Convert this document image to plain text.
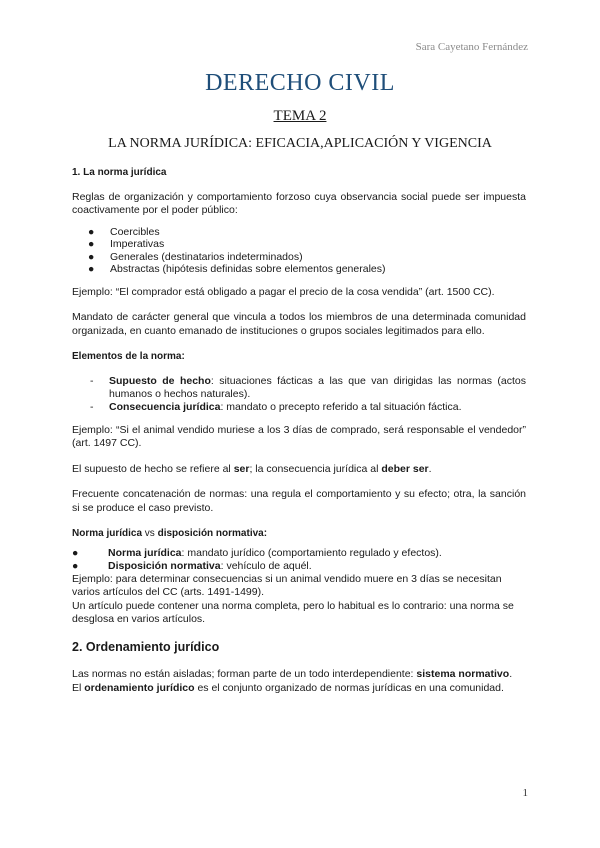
Sara Cayetano Fernández
DERECHO CIVIL
TEMA 2
LA NORMA JURÍDICA: EFICACIA,APLICACIÓN Y VIGENCIA

1. La norma jurídica

Reglas de organización y comportamiento forzoso cuya observancia social puede ser impuesta coactivamente por el poder público:

● Coercibles
● Imperativas
● Generales (destinatarios indeterminados)
● Abstractas (hipótesis definidas sobre elementos generales)

Ejemplo: “El comprador está obligado a pagar el precio de la cosa vendida” (art. 1500 CC).

Mandato de carácter general que vincula a todos los miembros de una determinada comunidad organizada, en cuanto emanado de instituciones o grupos sociales legitimados para ello.

Elementos de la norma:

- Supuesto de hecho: situaciones fácticas a las que van dirigidas las normas (actos humanos o hechos naturales).
- Consecuencia jurídica: mandato o precepto referido a tal situación fáctica.

Ejemplo: “Si el animal vendido muriese a los 3 días de comprado, será responsable el vendedor” (art. 1497 CC).

El supuesto de hecho se refiere al ser; la consecuencia jurídica al deber ser.

Frecuente concatenación de normas: una regula el comportamiento y su efecto; otra, la sanción si se produce el caso previsto.

Norma jurídica vs disposición normativa:

●	Norma jurídica: mandato jurídico (comportamiento regulado y efectos).
●	Disposición normativa: vehículo de aquél.

Ejemplo: para determinar consecuencias si un animal vendido muere en 3 días se necesitan varios artículos del CC (arts. 1491-1499).

Un artículo puede contener una norma completa, pero lo habitual es lo contrario: una norma se desglosa en varios artículos.

2. Ordenamiento jurídico

Las normas no están aisladas; forman parte de un todo interdependiente: sistema normativo.

El ordenamiento jurídico es el conjunto organizado de normas jurídicas en una comunidad.

1
